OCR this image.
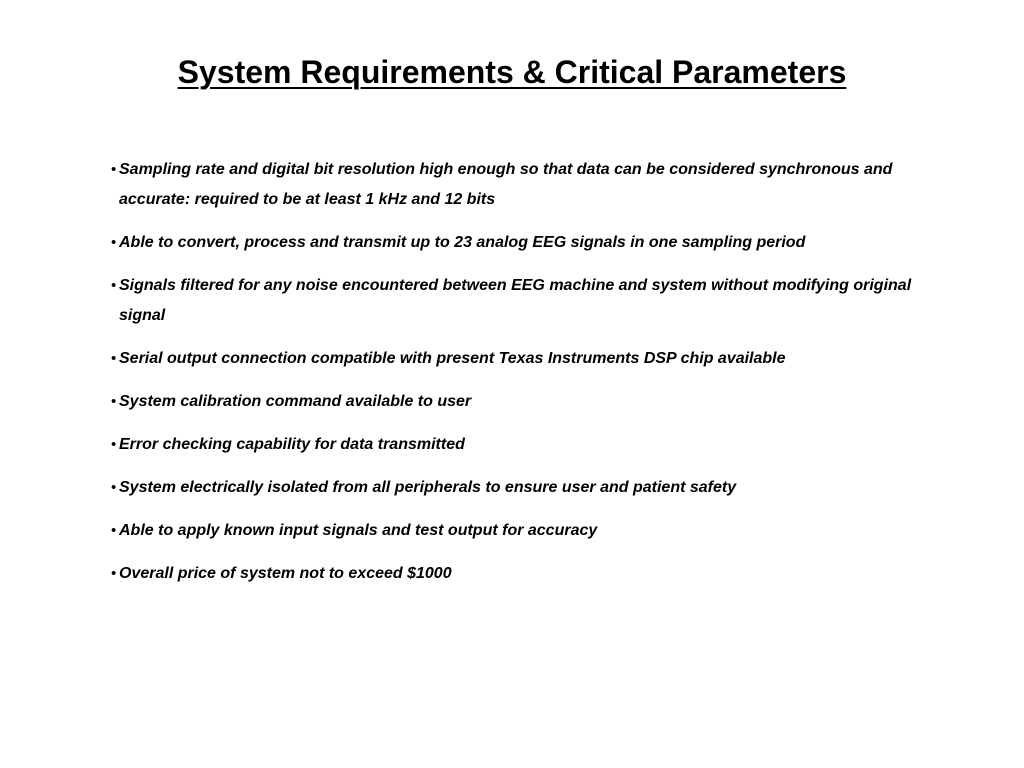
System Requirements & Critical Parameters
• Sampling rate and digital bit resolution high enough so that data can be considered synchronous and accurate: required to be at least 1 kHz and 12 bits
• Able to convert, process and transmit up to 23 analog EEG signals in one sampling period
• Signals filtered for any noise encountered between EEG machine and system without modifying original signal
• Serial output connection compatible with present Texas Instruments DSP chip available
• System calibration command available to user
• Error checking capability for data transmitted
• System electrically isolated from all peripherals to ensure user and patient safety
• Able to apply known input signals and test output for accuracy
• Overall price of system not to exceed $1000
